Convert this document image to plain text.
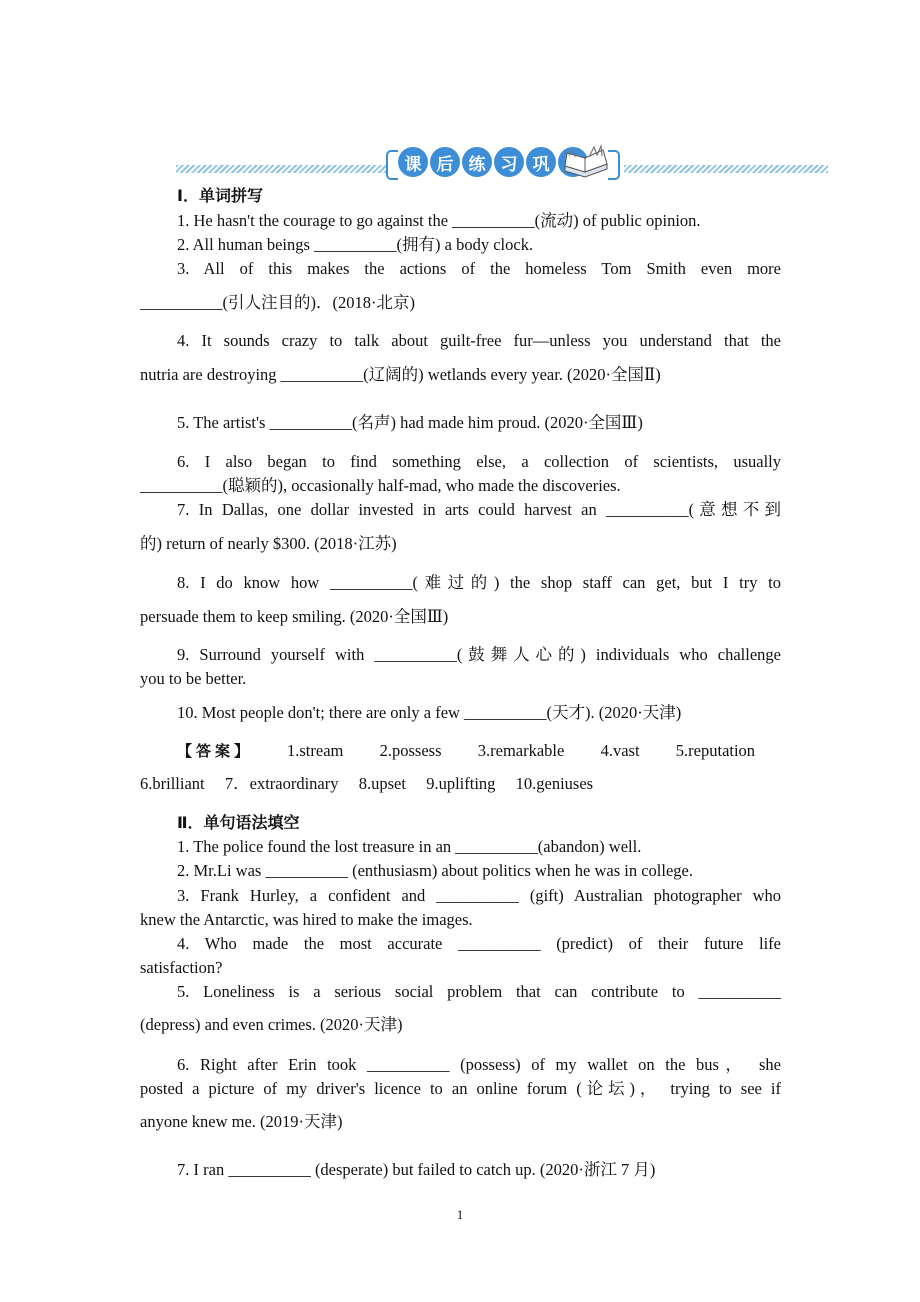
课 后 练 习 巩
Ⅰ．单词拼写
1. He hasn't the courage to go against the __________(流动) of public opinion.
2. All human beings __________(拥有) a body clock.
3. All of this makes the actions of the homeless Tom Smith even more
__________(引人注目的)．(2018·北京)
4. It sounds crazy to talk about guilt-free fur—unless you understand that the
nutria are destroying __________(辽阔的) wetlands every year. (2020·全国Ⅱ)
5. The artist's __________(名声) had made him proud. (2020·全国Ⅲ)
6. I also began to find something else, a collection of scientists, usually
__________(聪颖的), occasionally half-mad, who made the discoveries.
7. In Dallas, one dollar invested in arts could harvest an __________(意想不到
的) return of nearly $300. (2018·江苏)
8. I do know how __________(难过的) the shop staff can get, but I try to
persuade them to keep smiling. (2020·全国Ⅲ)
9. Surround yourself with __________(鼓舞人心的) individuals who challenge
you to be better.
10. Most people don't; there are only a few __________(天才). (2020·天津)
【答案】 1.stream  2.possess  3.remarkable  4.vast  5.reputation
6.brilliant  7．extraordinary  8.upset  9.uplifting  10.geniuses
Ⅱ．单句语法填空
1. The police found the lost treasure in an __________(abandon) well.
2. Mr.Li was __________ (enthusiasm) about politics when he was in college.
3. Frank Hurley, a confident and __________ (gift) Australian photographer who
knew the Antarctic, was hired to make the images.
4. Who made the most accurate __________ (predict) of their future life
satisfaction?
5. Loneliness is a serious social problem that can contribute to __________
(depress) and even crimes. (2020·天津)
6. Right after Erin took __________ (possess) of my wallet on the bus， she
posted a picture of my driver's licence to an online forum (论坛)， trying to see if
anyone knew me. (2019·天津)
7. I ran __________ (desperate) but failed to catch up. (2020·浙江 7 月)
1
